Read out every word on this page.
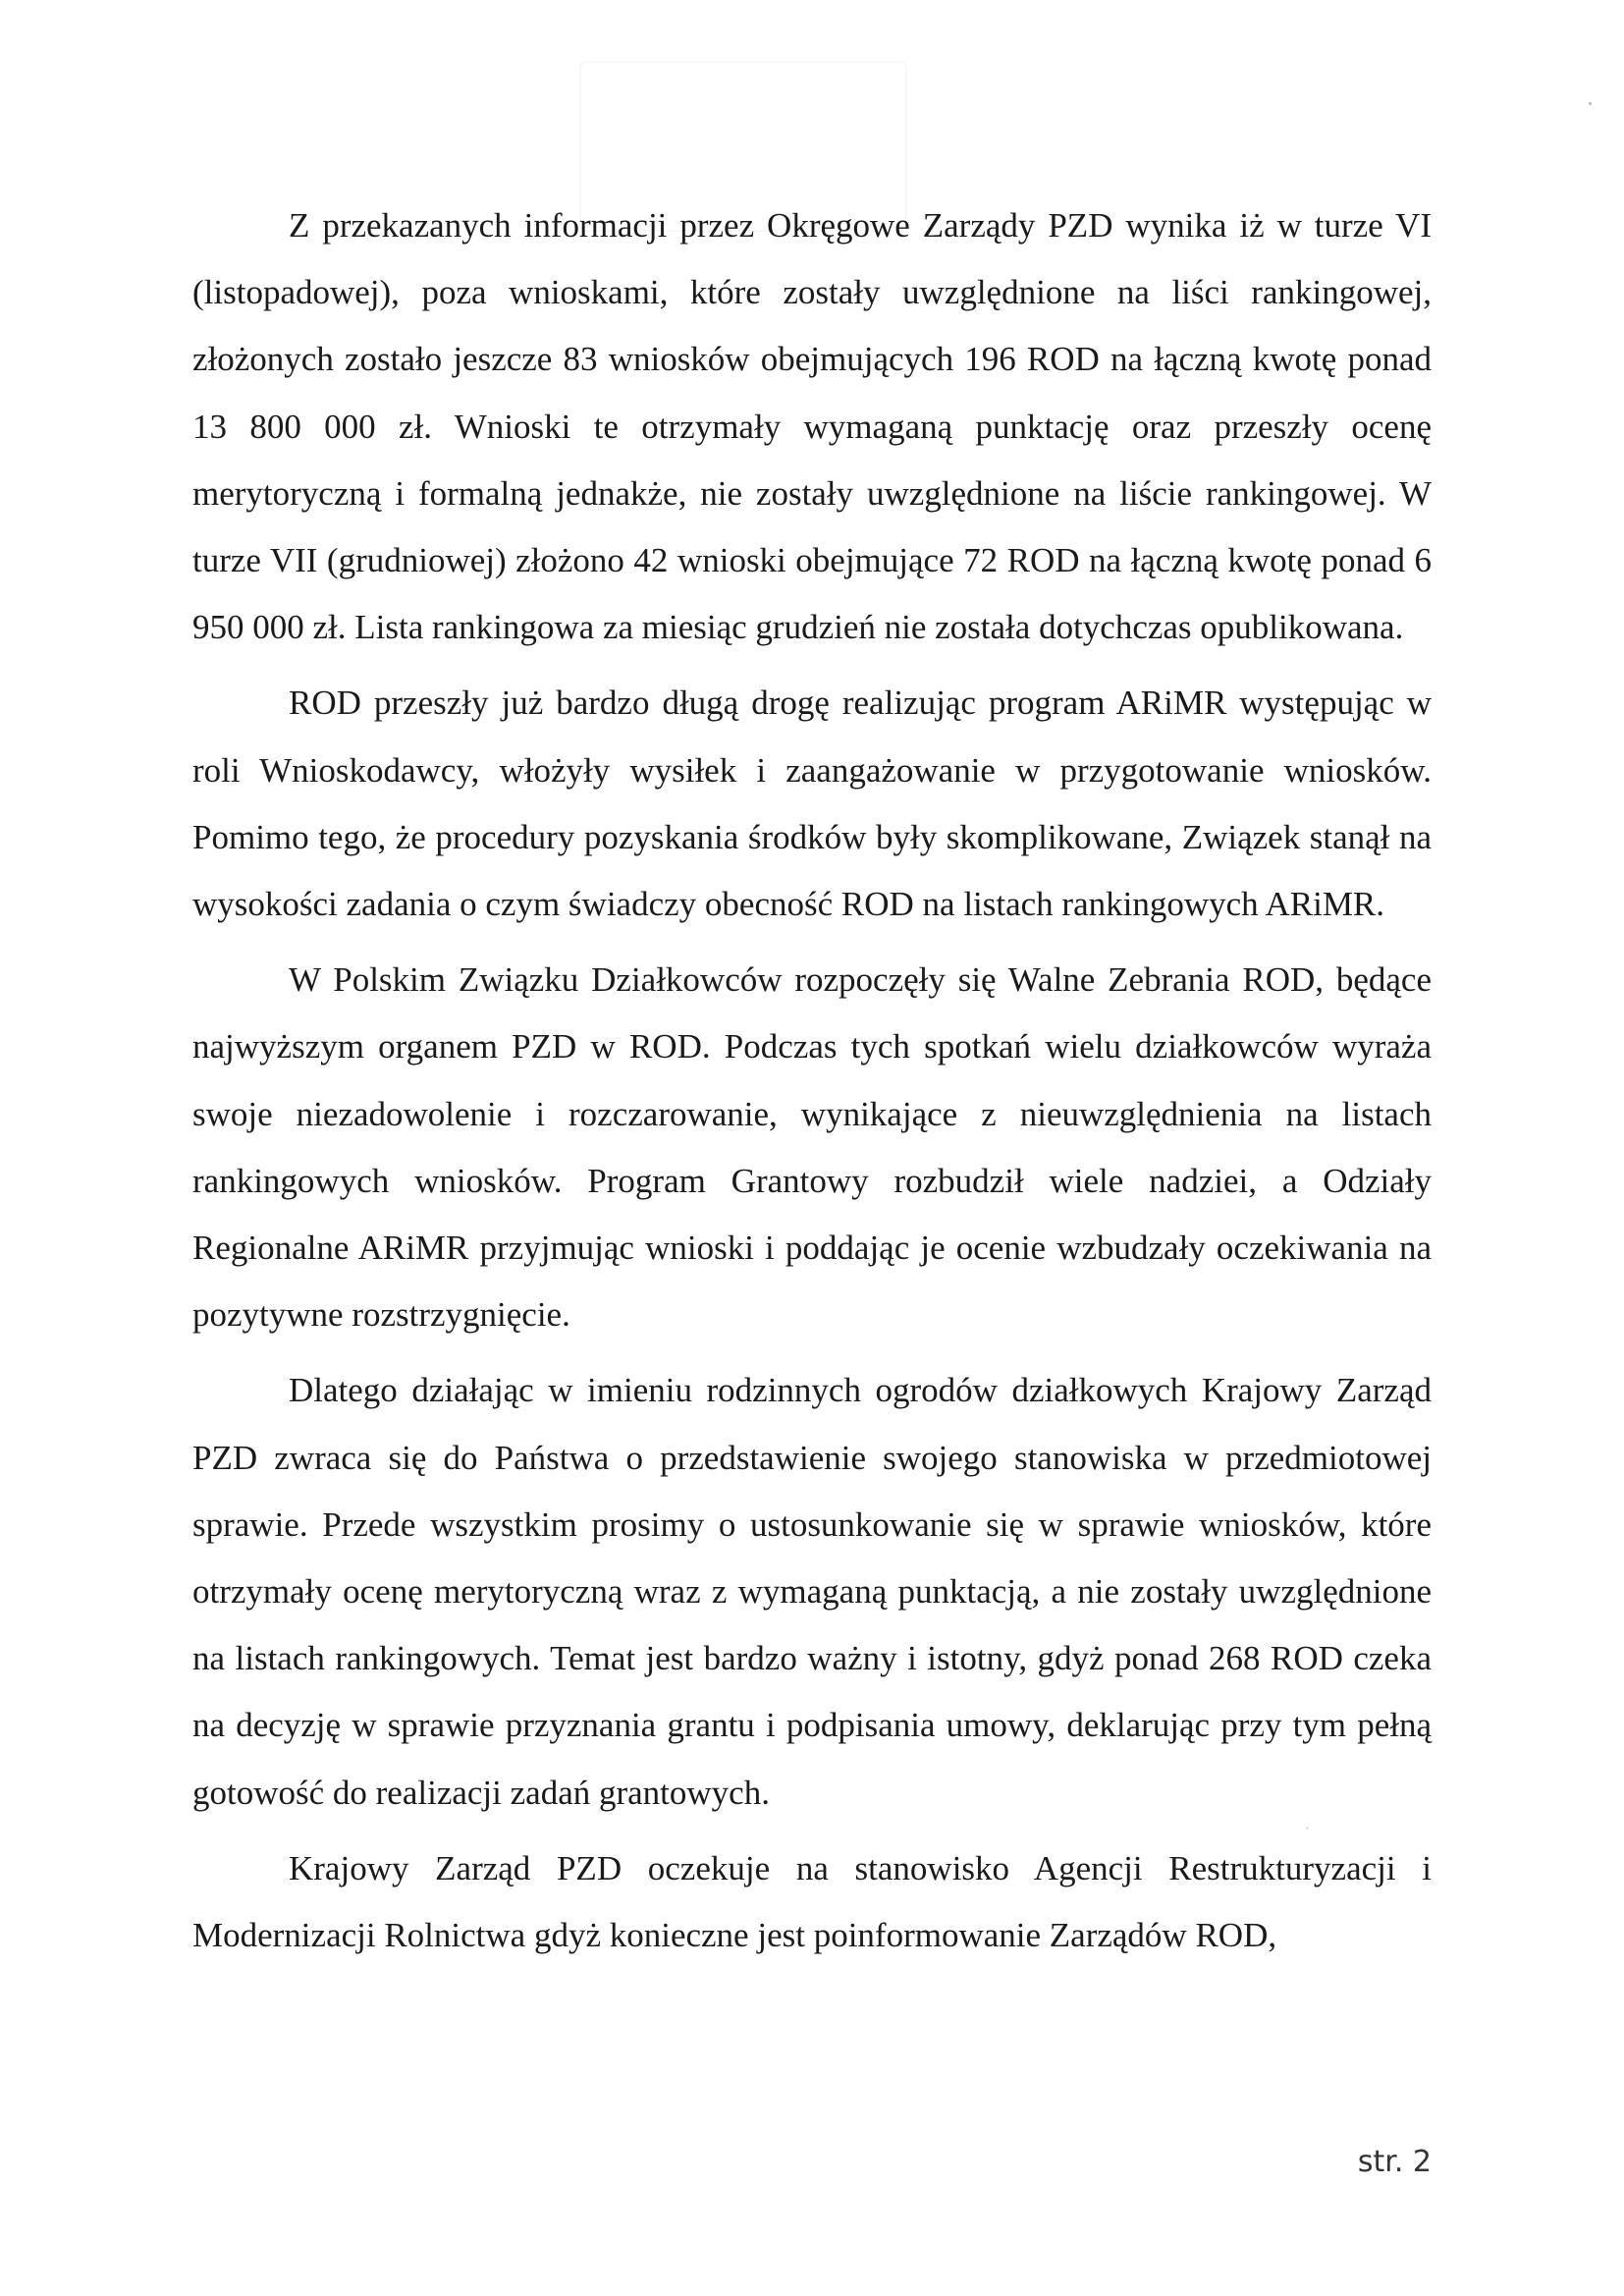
Z przekazanych informacji przez Okręgowe Zarządy PZD wynika iż w turze VI (listopadowej), poza wnioskami, które zostały uwzględnione na liści rankingowej, złożonych zostało jeszcze 83 wniosków obejmujących 196 ROD na łączną kwotę ponad 13 800 000 zł. Wnioski te otrzymały wymaganą punktację oraz przeszły ocenę merytoryczną i formalną jednakże, nie zostały uwzględnione na liście rankingowej. W turze VII (grudniowej) złożono 42 wnioski obejmujące 72 ROD na łączną kwotę ponad 6 950 000 zł. Lista rankingowa za miesiąc grudzień nie została dotychczas opublikowana.

ROD przeszły już bardzo długą drogę realizując program ARiMR występując w roli Wnioskodawcy, włożyły wysiłek i zaangażowanie w przygotowanie wniosków. Pomimo tego, że procedury pozyskania środków były skomplikowane, Związek stanął na wysokości zadania o czym świadczy obecność ROD na listach rankingowych ARiMR.

W Polskim Związku Działkowców rozpoczęły się Walne Zebrania ROD, będące najwyższym organem PZD w ROD. Podczas tych spotkań wielu działkowców wyraża swoje niezadowolenie i rozczarowanie, wynikające z nieuwzględnienia na listach rankingowych wniosków. Program Grantowy rozbudził wiele nadziei, a Odziały Regionalne ARiMR przyjmując wnioski i poddając je ocenie wzbudzały oczekiwania na pozytywne rozstrzygnięcie.

Dlatego działając w imieniu rodzinnych ogrodów działkowych Krajowy Zarząd PZD zwraca się do Państwa o przedstawienie swojego stanowiska w przedmiotowej sprawie. Przede wszystkim prosimy o ustosunkowanie się w sprawie wniosków, które otrzymały ocenę merytoryczną wraz z wymaganą punktacją, a nie zostały uwzględnione na listach rankingowych. Temat jest bardzo ważny i istotny, gdyż ponad 268 ROD czeka na decyzję w sprawie przyznania grantu i podpisania umowy, deklarując przy tym pełną gotowość do realizacji zadań grantowych.

Krajowy Zarząd PZD oczekuje na stanowisko Agencji Restrukturyzacji i Modernizacji Rolnictwa gdyż konieczne jest poinformowanie Zarządów ROD,

str. 2
